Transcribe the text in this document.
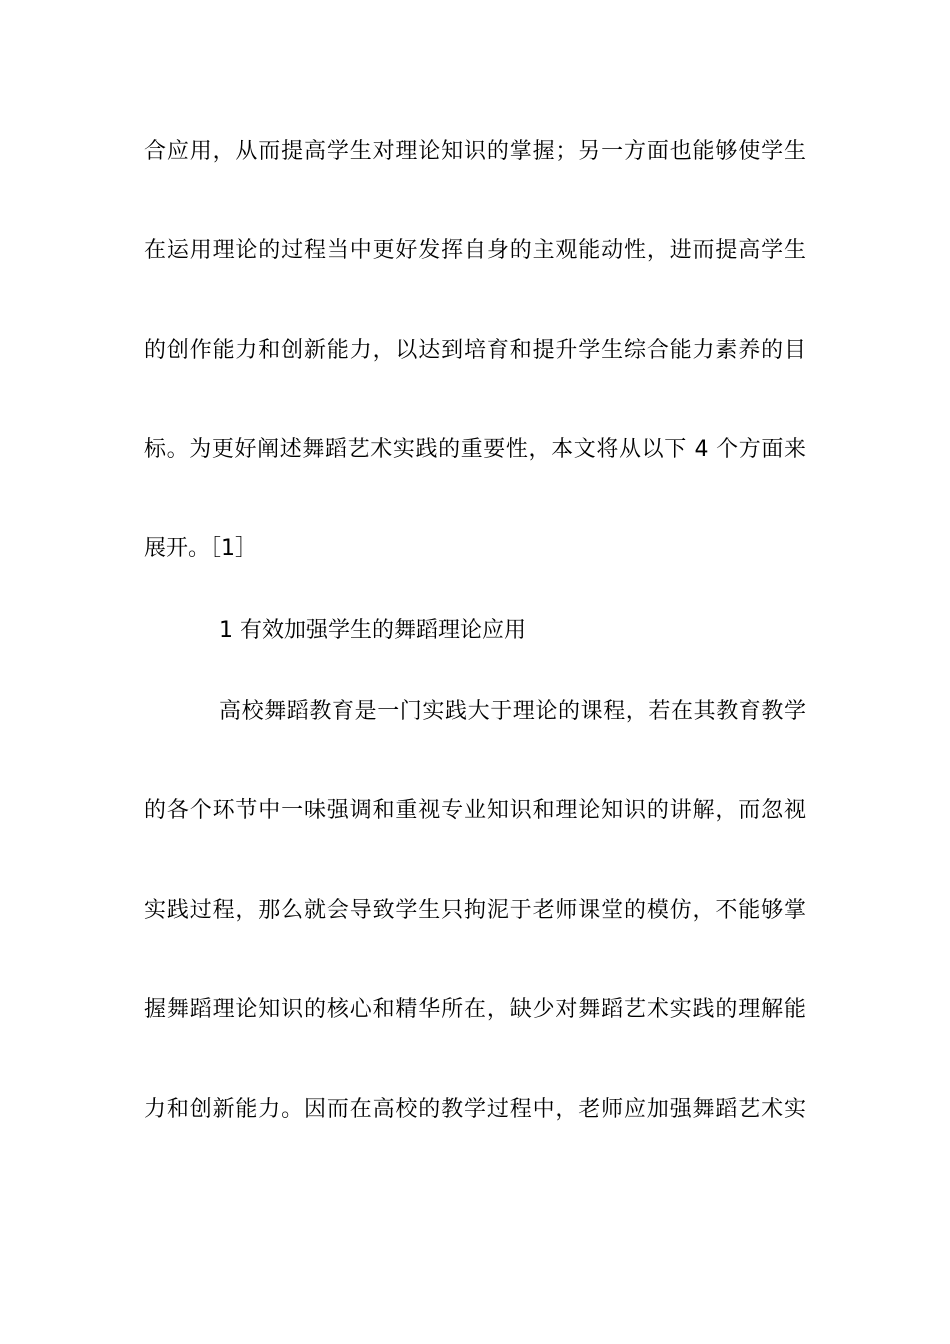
合应用，从而提高学生对理论知识的掌握；另一方面也能够使学生
在运用理论的过程当中更好发挥自身的主观能动性，进而提高学生
的创作能力和创新能力，以达到培育和提升学生综合能力素养的目
标。为更好阐述舞蹈艺术实践的重要性，本文将从以下 4 个方面来
展开。［1］
1 有效加强学生的舞蹈理论应用
高校舞蹈教育是一门实践大于理论的课程，若在其教育教学
的各个环节中一味强调和重视专业知识和理论知识的讲解，而忽视
实践过程，那么就会导致学生只拘泥于老师课堂的模仿，不能够掌
握舞蹈理论知识的核心和精华所在，缺少对舞蹈艺术实践的理解能
力和创新能力。因而在高校的教学过程中，老师应加强舞蹈艺术实
